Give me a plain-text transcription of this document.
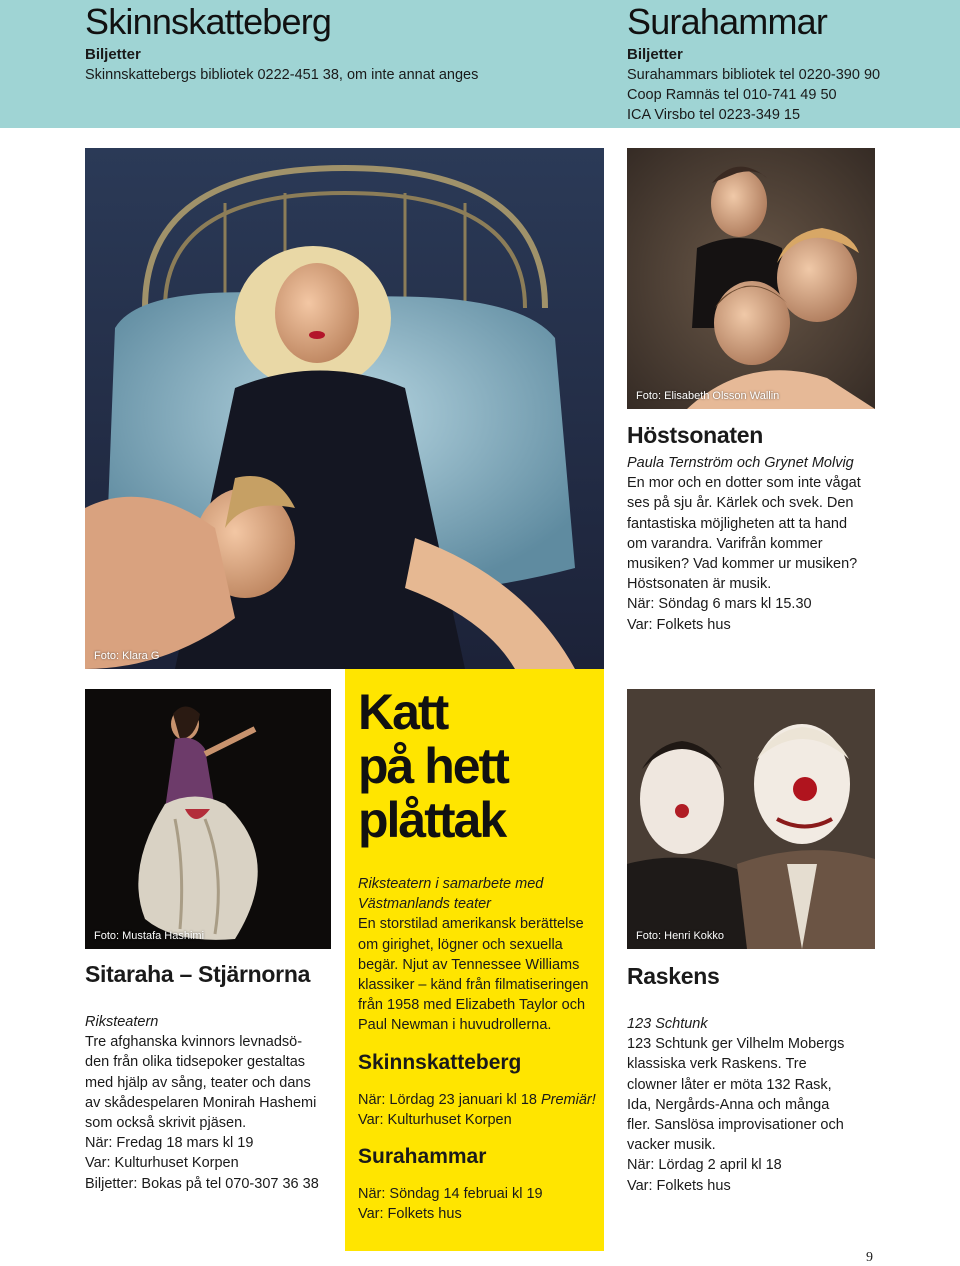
Skinnskatteberg
Biljetter
Skinnskattebergs bibliotek 0222-451 38, om inte annat anges
Surahammar
Biljetter
Surahammars bibliotek tel 0220-390 90
Coop Ramnäs tel 010-741 49 50
ICA Virsbo tel 0223-349 15
Foto: Klara G
Foto: Elisabeth Olsson Wallin
Höstsonaten
Paula Ternström och Grynet Molvig
En mor och en dotter som inte vågat
ses på sju år. Kärlek och svek. Den
fantastiska möjligheten att ta hand
om varandra. Varifrån kommer
musiken? Vad kommer ur musiken?
Höstsonaten är musik.
När: Söndag 6 mars kl 15.30
Var: Folkets hus
Foto: Mustafa Hashimi
Sitaraha – Stjärnorna
Riksteatern
Tre afghanska kvinnors levnadsö-
den från olika tidsepoker gestaltas
med hjälp av sång, teater och dans
av skådespelaren Monirah Hashemi
som också skrivit pjäsen.
När: Fredag 18 mars kl 19
Var: Kulturhuset Korpen
Biljetter: Bokas på tel 070-307 36 38
Katt
på hett
plåttak
Riksteatern i samarbete med
Västmanlands teater
En storstilad amerikansk berättelse
om girighet, lögner och sexuella
begär. Njut av Tennessee Williams
klassiker – känd från filmatiseringen
från 1958 med Elizabeth Taylor och
Paul Newman i huvudrollerna.
Skinnskatteberg
När: Lördag 23 januari kl 18 Premiär!
Var: Kulturhuset Korpen
Surahammar
När: Söndag 14 februai kl 19
Var: Folkets hus
Foto: Henri Kokko
Raskens
123 Schtunk
123 Schtunk ger Vilhelm Mobergs
klassiska verk Raskens. Tre
clowner låter er möta 132 Rask,
Ida, Nergårds-Anna och många
fler. Sanslösa improvisationer och
vacker musik.
När: Lördag 2 april kl 18
Var: Folkets hus
9
